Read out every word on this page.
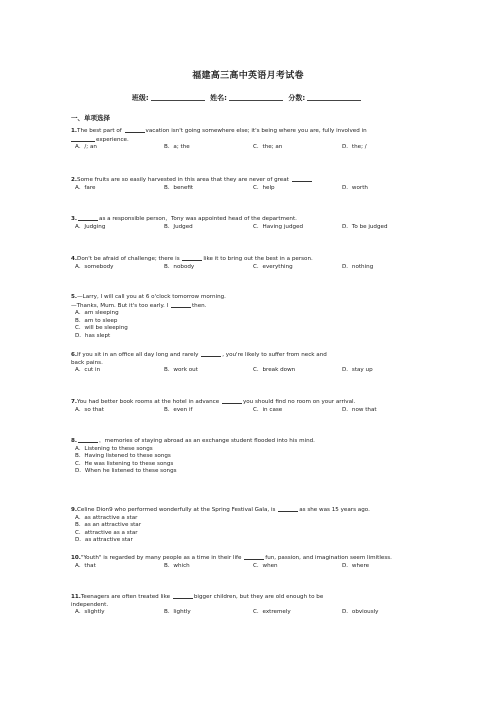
福建高三高中英语月考试卷
班级:	姓名:	分数:
一、单项选择
1.The best part of	vacation isn't going somewhere else; it's being where you are, fully involved in
experience.
A．/; an	B．a; the	C．the; an	D．the; /
2.Some fruits are so easily harvested in this area that they are never of great
A．fare	B．benefit	C．help	D．worth
3.	as a responsible person，Tony was appointed head of the department.
A．Judging	B．Judged	C．Having judged	D．To be judged
4.Don't be afraid of challenge; there is	like it to bring out the best in a person.
A．somebody	B．nobody	C．everything	D．nothing
5.—Larry, I will call you at 6 o'clock tomorrow morning.
—Thanks, Mum. But it's too early. I	then.
A．am sleeping
B．am to sleep
C．will be sleeping
D．has slept
6.If you sit in an office all day long and rarely	, you're likely to suffer from neck and
back pains.
A．cut in	B．work out	C．break down	D．stay up
7.You had better book rooms at the hotel in advance	you should find no room on your arrival.
A．so that	B．even if	C．in case	D．now that
8.	，memories of staying abroad as an exchange student flooded into his mind.
A．Listening to these songs
B．Having listened to these songs
C．He was listening to these songs
D．When he listened to these songs
9.Celine Dion9 who performed wonderfully at the Spring Festival Gala, is	as she was 15 years ago.
A．as attractive a star
B．as an attractive star
C．attractive as a star
D．as attractive star
10."Youth" is regarded by many people as a time in their life	fun, passion, and imagination seem limitless.
A．that	B．which	C．when	D．where
11.Teenagers are often treated like	bigger children, but they are old enough to be
independent.
A．slightly	B．lightly	C．extremely	D．obviously
